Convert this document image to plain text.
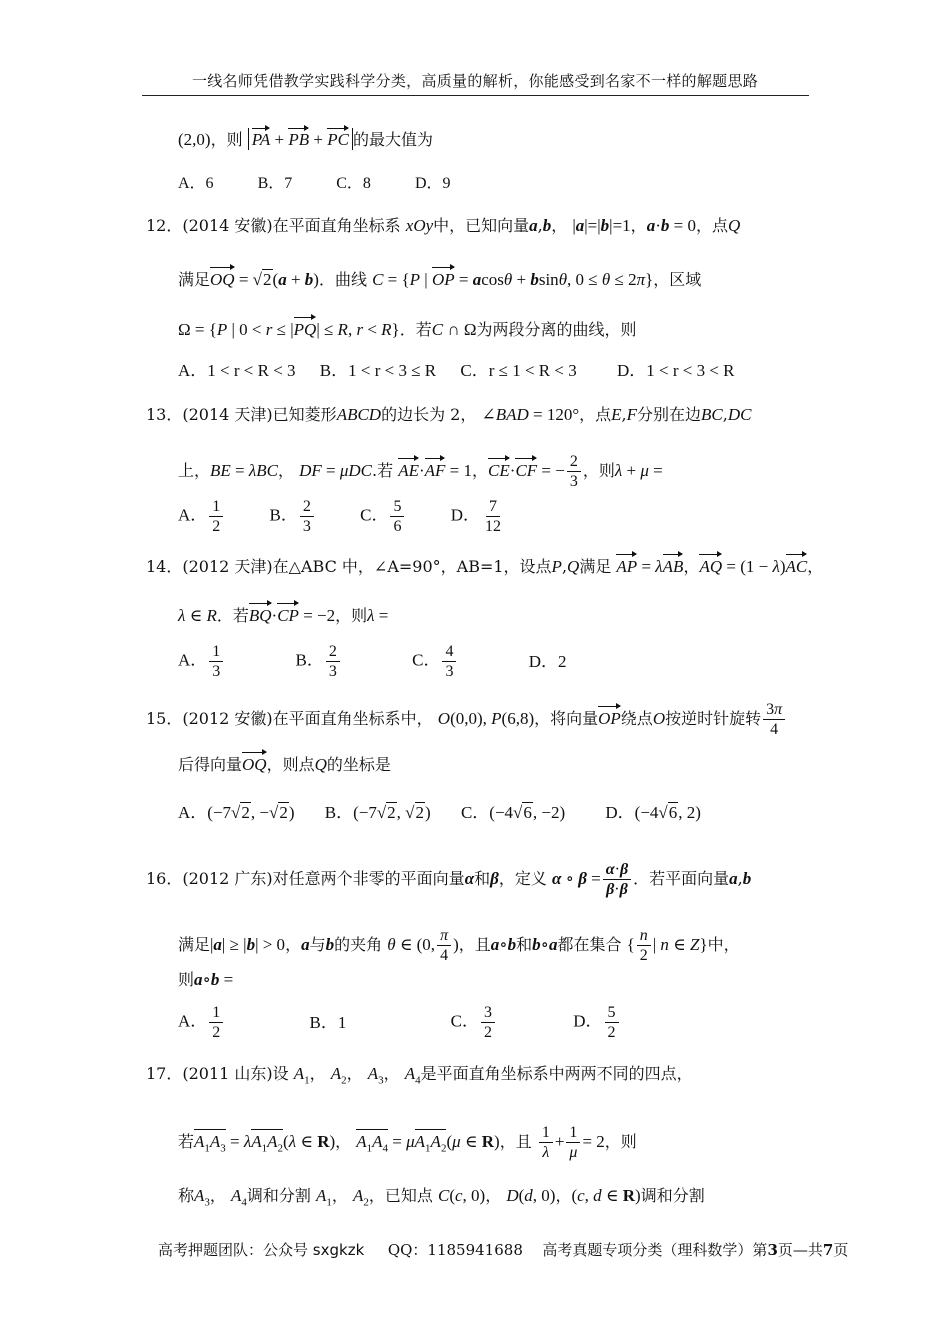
一线名师凭借教学实践科学分类，高质量的解析，你能感受到名家不一样的解题思路
(2,0)，则 PA + PB + PC 的最大值为
A．6	B．7	C．8	D．9
12．(2014 安徽)在平面直角坐标系 xOy中，已知向量a,b， |a|=|b|=1，a·b = 0，点Q
满足OQ = √2(a + b)．曲线 C = {P | OP = acosθ + bsinθ, 0 ≤ θ ≤ 2π}，区域
Ω = {P | 0 < r ≤ |PQ| ≤ R, r < R}．若C ∩ Ω为两段分离的曲线，则
A．1 < r < R < 3 B．1 < r < 3 ≤ R C．r ≤ 1 < R < 3 D．1 < r < 3 < R
13．(2014 天津)已知菱形ABCD的边长为 2， ∠BAD = 120°，点E,F分别在边BC,DC
上，BE = λBC， DF = μDC.若 AE·AF = 1，CE·CF = − $\frac{2}{3}$ ，则λ + μ =
A． $\frac{1}{2}$	B． $\frac{2}{3}$	C． $\frac{5}{6}$	D． $\frac{7}{12}$
14．(2012 天津)在△ABC 中，∠A=90°，AB=1，设点P,Q满足 AP = λAB，AQ = (1 − λ)AC，
λ ∈ R．若BQ·CP = −2，则λ =
A． $\frac{1}{3}$	B． $\frac{2}{3}$	C． $\frac{4}{3}$	D．2
15．(2012 安徽)在平面直角坐标系中， O(0,0), P(6,8)，将向量OP绕点O按逆时针旋转 $\frac{3\pi}{4}$
后得向量OQ，则点Q的坐标是
A．(−7√2, −√2) B．(−7√2, √2) C．(−4√6, −2) D．(−4√6, 2)
16．(2012 广东)对任意两个非零的平面向量α和β，定义 α ∘ $\beta = \frac{\alpha\cdot\beta}{\beta\cdot\beta}$ ．若平面向量a,b
满足|a| ≥ |b| > 0，a与b的夹角 θ ∈ (0, $\frac{\pi}{4}$ )，且a∘b和b∘a都在集合 { $\frac{n}{2}$ | n ∈ Z}中，
则a∘b =
A． $\frac{1}{2}$	B．1	C． $\frac{3}{2}$	D． $\frac{5}{2}$
17．(2011 山东)设 $A_1$， $A_2$， $A_3$， $A_4$是平面直角坐标系中两两不同的四点，
若$A_1A_3 = \lambda A_1A_2(\lambda$ ∈ R)， $A_1A_4 = \mu A_1A_2(\mu$ ∈ R)，且 $\frac{1}{\lambda} + \frac{1}{\mu} = 2$，则
称$A_3$， $A_4$调和分割 $A_1$， $A_2$，已知点 C(c, 0)， D(d, 0)，(c, d ∈ R)调和分割
高考押题团队：公众号 sxgkzk QQ：1185941688 高考真题专项分类（理科数学）第3页—共7页
